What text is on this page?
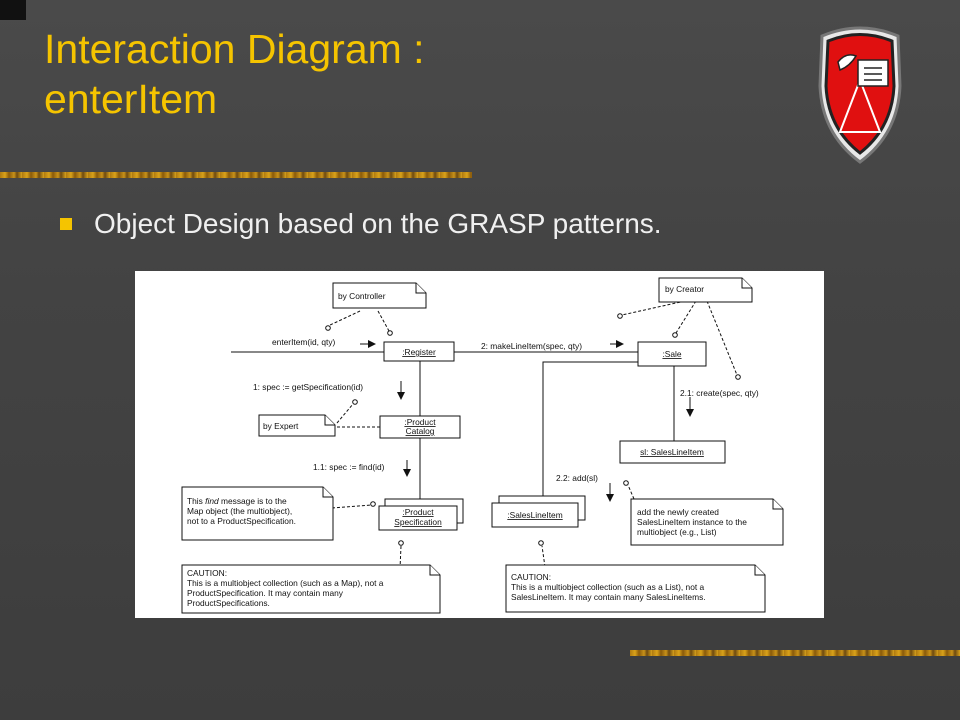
Interaction Diagram :
enterItem
Object Design based on the GRASP patterns.
:Register
:Product
Catalog
:Sale
sl: SalesLineItem
:Product
Specification
:SalesLineItem
enterItem(id, qty)	2: makeLineItem(spec, qty)
1: spec := getSpecification(id)
1.1: spec := find(id)
2.1: create(spec, qty)
2.2: add(sl)
by Controller
by Creator
by Expert
This find message is to the
Map object (the multiobject),
not to a ProductSpecification.
add the newly created
SalesLineItem instance to the
multiobject (e.g., List)
CAUTION:
This is a multiobject collection (such as a Map), not a
ProductSpecification. It may contain many
ProductSpecifications.
CAUTION:
This is a multiobject collection (such as a List), not a
SalesLineItem. It may contain many SalesLineItems.
